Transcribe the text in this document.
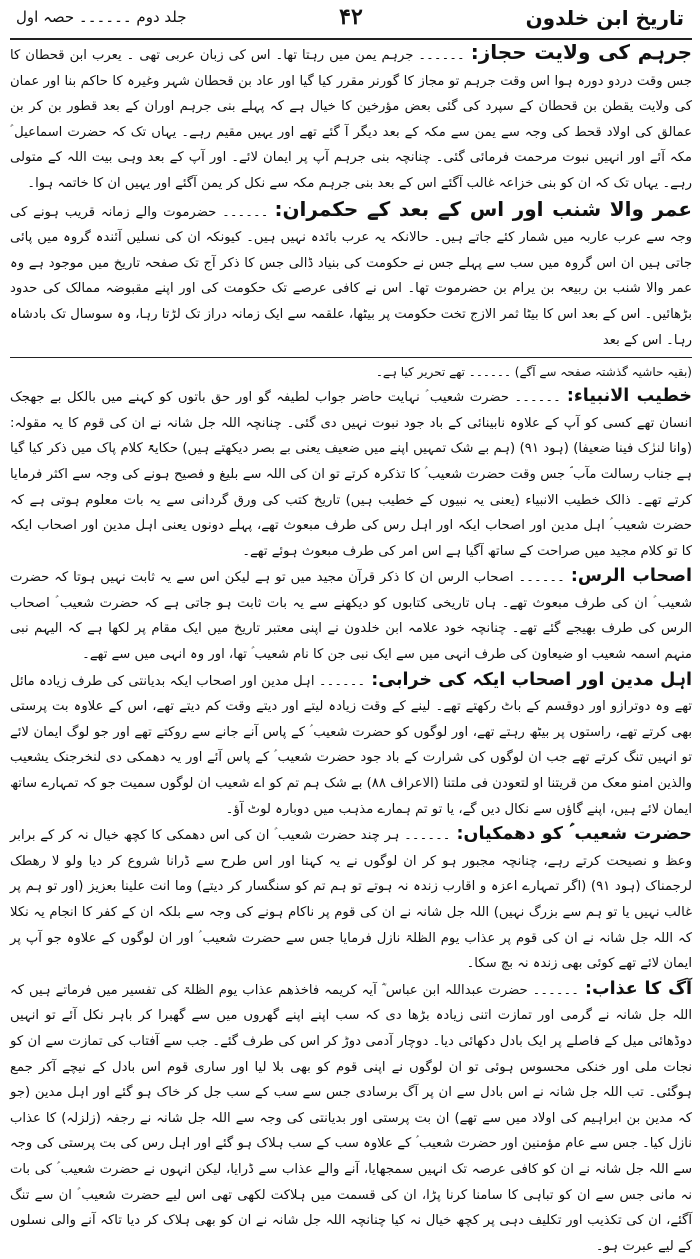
تاریخ ابن خلدون
۴۲
جلد دوم ۔۔۔۔۔۔ حصہ اول

جرہم کی ولایت حجاز:۔۔۔۔۔۔ جرہم یمن میں رہتا تھا۔ اس کی زبان عربی تھی ۔ یعرب ابن قحطان کا جس وقت دردو دورہ ہوا اس وقت جرہم تو مجاز کا گورنر مقرر کیا گیا اور عاد بن قحطان شہر وغیرہ کا حاکم بنا اور عمان کی ولایت یقطن بن قحطان کے سپرد کی گئی بعض مؤرخین کا خیال ہے کہ پہلے بنی جرہم اوران کے بعد قطور بن کر بن عمالق کی اولاد قحط کی وجہ سے یمن سے مکہ کے بعد دیگر آ گئے تھے اور یہیں مقیم رہے۔ یہاں تک کہ حضرت اسماعیل ؑ مکہ آئے اور انہیں نبوت مرحمت فرمائی گئی۔ چنانچہ بنی جرہم آپ پر ایمان لائے۔ اور آپ کے بعد وہی بیت اللہ کے متولی رہے۔ یہاں تک کہ ان کو بنی خزاعہ غالب آگئے اس کے بعد بنی جرہم مکہ سے نکل کر یمن آگئے اور یہیں ان کا خاتمہ ہوا۔

عمر والا شنب اور اس کے بعد کے حکمران:۔۔۔۔۔۔ حضرموت والے زمانہ قریب ہونے کی وجہ سے عرب عاربہ میں شمار کئے جاتے ہیں۔ حالانکہ یہ عرب بائدہ نہیں ہیں۔ کیونکہ ان کی نسلیں آئندہ گروہ میں پائی جاتی ہیں ان اس گروہ میں سب سے پہلے جس نے حکومت کی بنیاد ڈالی جس کا ذکر آج تک صفحہ تاریخ میں موجود ہے وہ عمر والا شنب بن ربیعہ بن یرام بن حضرموت تھا۔ اس نے کافی عرصے تک حکومت کی اور اپنے مقبوضہ ممالک کی حدود بڑھائیں۔ اس کے بعد اس کا بیٹا ثمر الازج تخت حکومت پر بیٹھا، علقمہ سے ایک زمانہ دراز تک لڑتا رہا، وہ سوسال تک بادشاہ رہا۔ اس کے بعد

(بقیہ حاشیہ گذشتہ صفحہ سے آگے) ۔۔۔۔۔۔ تھے تحریر کیا ہے۔

خطیب الانبیاء:۔۔۔۔۔۔ حضرت شعیب ؑ نہایت حاضر جواب لطیفہ گو اور حق باتوں کو کہنے میں بالکل بے جھجک انسان تھے کسی کو آپ کے علاوہ نابینائی کے باد جود نبوت نہیں دی گئی۔ چنانچہ اللہ جل شانہ نے ان کی قوم کا یہ مقولہ: (وانا لنرٰک فینا ضعیفا) (ہود ۹۱) (ہم بے شک تمہیں اپنے میں ضعیف یعنی بے بصر دیکھتے ہیں) حکایۃً کلام پاک میں ذکر کیا گیا ہے جناب رسالت مآب ؐ جس وقت حضرت شعیب ؑ کا تذکرہ کرتے تو ان کی اللہ سے بلیغ و فصیح ہونے کی وجہ سے اکثر فرمایا کرتے تھے۔ ذالک خطیب الانبیاء (یعنی یہ نبیوں کے خطیب ہیں) تاریخ کتب کی ورق گردانی سے یہ بات معلوم ہوتی ہے کہ حضرت شعیب ؑ اہل مدین اور اصحاب ایکہ اور اہل رس کی طرف مبعوث تھے، پہلے دونوں یعنی اہل مدین اور اصحاب ایکہ کا تو کلام مجید میں صراحت کے ساتھ آگیا ہے اس امر کی طرف مبعوث ہوئے تھے۔

اصحاب الرس:۔۔۔۔۔۔ اصحاب الرس ان کا ذکر قرآن مجید میں تو ہے لیکن اس سے یہ ثابت نہیں ہوتا کہ حضرت شعیب ؑ ان کی طرف مبعوث تھے۔ ہاں تاریخی کتابوں کو دیکھنے سے یہ بات ثابت ہو جاتی ہے کہ حضرت شعیب ؑ اصحاب الرس کی طرف بھیجے گئے تھے۔ چنانچہ خود علامہ ابن خلدون نے اپنی معتبر تاریخ میں ایک مقام پر لکھا ہے کہ الیہم نبی منہم اسمہ شعیب او ضیعاون کی طرف انہی میں سے ایک نبی جن کا نام شعیب ؑ تھا، اور وہ انہی میں سے تھے۔

اہل مدین اور اصحاب ایکہ کی خرابی:۔۔۔۔۔۔ اہل مدین اور اصحاب ایکہ بدیانتی کی طرف زیادہ مائل تھے وہ دوترازو اور دوقسم کے باٹ رکھتے تھے۔ لینے کے وقت زیادہ لیتے اور دیتے وقت کم دیتے تھے، اس کے علاوہ بت پرستی بھی کرتے تھے، راستوں پر بیٹھ رہتے تھے، اور لوگوں کو حضرت شعیب ؑ کے پاس آنے جانے سے روکتے تھے اور جو لوگ ایمان لائے تو انہیں تنگ کرتے تھے جب ان لوگوں کی شرارت کے باد جود حضرت شعیب ؑ کے پاس آئے اور یہ دھمکی دی لنخرجنک یشعیب والذین امنو معک من قریتنا او لتعودن فی ملتنا (الاعراف ۸۸) بے شک ہم تم کو اے شعیب ان لوگوں سمیت جو کہ تمہارے ساتھ ایمان لائے ہیں، اپنے گاؤں سے نکال دیں گے، یا تو تم ہمارے مذہب میں دوبارہ لوٹ آؤ۔

حضرت شعیب ؑ کو دھمکیاں:۔۔۔۔۔۔ ہر چند حضرت شعیب ؑ ان کی اس دھمکی کا کچھ خیال نہ کر کے برابر وعظ و نصیحت کرتے رہے، چنانچہ مجبور ہو کر ان لوگوں نے یہ کہنا اور اس طرح سے ڈرانا شروع کر دیا ولو لا رھطک لرجمناک (ہود ۹۱) (اگر تمہارے اعزہ و اقارب زندہ نہ ہوتے تو ہم تم کو سنگسار کر دیتے) وما انت علینا بعزیز (اور تو ہم پر غالب نہیں یا تو ہم سے بزرگ نہیں) اللہ جل شانہ نے ان کی قوم پر ناکام ہونے کی وجہ سے بلکہ ان کے کفر کا انجام یہ نکلا کہ اللہ جل شانہ نے ان کی قوم پر عذاب یوم الظلۃ نازل فرمایا جس سے حضرت شعیب ؑ اور ان لوگوں کے علاوہ جو آپ پر ایمان لائے تھے کوئی بھی زندہ نہ بچ سکا۔

آگ کا عذاب:۔۔۔۔۔۔ حضرت عبداللہ ابن عباس ؓ آیہ کریمہ فاخذھم عذاب یوم الظلۃ کی تفسیر میں فرماتے ہیں کہ اللہ جل شانہ نے گرمی اور تمازت اتنی زیادہ بڑھا دی کہ سب اپنے اپنے گھروں میں سے گھبرا کر باہر نکل آئے تو انہیں دوڈھائی میل کے فاصلے پر ایک بادل دکھائی دیا۔ دوچار آدمی دوڑ کر اس کی طرف گئے۔ جب سے آفتاب کی تمازت سے ان کو نجات ملی اور خنکی محسوس ہوئی تو ان لوگوں نے اپنی قوم کو بھی بلا لیا اور ساری قوم اس بادل کے نیچے آکر جمع ہوگئی۔ تب اللہ جل شانہ نے اس بادل سے ان پر آگ برسادی جس سے سب کے سب جل کر خاک ہو گئے اور اہل مدین (جو کہ مدین بن ابراہیم کی اولاد میں سے تھے) ان بت پرستی اور بدیانتی کی وجہ سے اللہ جل شانہ نے رجفہ (زلزلہ) کا عذاب نازل کیا۔ جس سے عام مؤمنین اور حضرت شعیب ؑ کے علاوہ سب کے سب ہلاک ہو گئے اور اہل رس کی بت پرستی کی وجہ سے اللہ جل شانہ نے ان کو کافی عرصہ تک انہیں سمجھایا، آنے والے عذاب سے ڈرایا، لیکن انہوں نے حضرت شعیب ؑ کی بات نہ مانی جس سے ان کو تباہی کا سامنا کرنا پڑا، ان کی قسمت میں ہلاکت لکھی تھی اس لیے حضرت شعیب ؑ ان سے تنگ آگئے، ان کی تکذیب اور تکلیف دہی پر کچھ خیال نہ کیا چنانچہ اللہ جل شانہ نے ان کو بھی ہلاک کر دیا تاکہ آنے والی نسلوں کے لیے عبرت ہو۔
